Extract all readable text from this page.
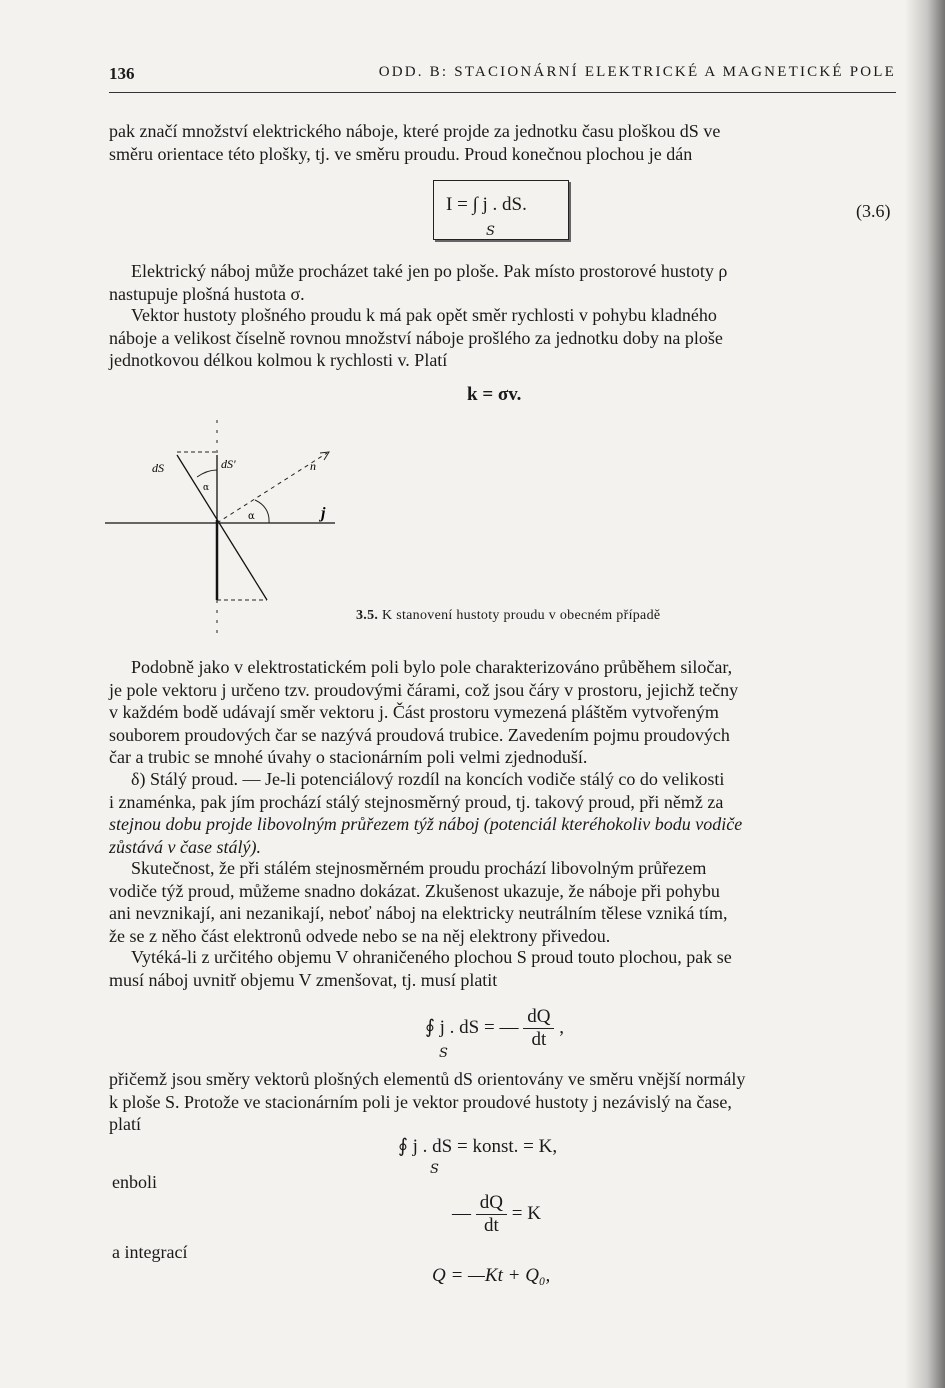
136	ODD. B: STACIONÁRNÍ ELEKTRICKÉ A MAGNETICKÉ POLE
pak značí množství elektrického náboje, které projde za jednotku času ploškou dS ve
směru orientace této plošky, tj. ve směru proudu. Proud konečnou plochou je dán
I = ∫ j . dS.
$_S$
(3.6)
Elektrický náboj může procházet také jen po ploše. Pak místo prostorové hustoty ρ
nastupuje plošná hustota σ.
Vektor hustoty plošného proudu k má pak opět směr rychlosti v pohybu kladného
náboje a velikost číselně rovnou množství náboje prošlého za jednotku doby na ploše
jednotkovou délkou kolmou k rychlosti v. Platí
k = σv.
dS	dS'
α
α
n
j
3.5. K stanovení hustoty proudu v obecném případě
Podobně jako v elektrostatickém poli bylo pole charakterizováno průběhem siločar,
je pole vektoru j určeno tzv. proudovými čárami, což jsou čáry v prostoru, jejichž tečny
v každém bodě udávají směr vektoru j. Část prostoru vymezená pláštěm vytvořeným
souborem proudových čar se nazývá proudová trubice. Zavedením pojmu proudových
čar a trubic se mnohé úvahy o stacionárním poli velmi zjednoduší.
δ) Stálý proud. — Je-li potenciálový rozdíl na koncích vodiče stálý co do velikosti
i znaménka, pak jím prochází stálý stejnosměrný proud, tj. takový proud, při němž za
stejnou dobu projde libovolným průřezem týž náboj (potenciál kteréhokoliv bodu vodiče
zůstává v čase stálý).
Skutečnost, že při stálém stejnosměrném proudu prochází libovolným průřezem
vodiče týž proud, můžeme snadno dokázat. Zkušenost ukazuje, že náboje při pohybu
ani nevznikají, ani nezanikají, neboť náboj na elektricky neutrálním tělese vzniká tím,
že se z něho část elektronů odvede nebo se na něj elektrony přivedou.
Vytéká-li z určitého objemu V ohraničeného plochou S proud touto plochou, pak se
musí náboj uvnitř objemu V zmenšovat, tj. musí platit
∮ j . dS = — $\frac{dQ}{dt}$ ,
$_S$
přičemž jsou směry vektorů plošných elementů dS orientovány ve směru vnější normály
k ploše S. Protože ve stacionárním poli je vektor proudové hustoty j nezávislý na čase,
platí
∮ j . dS = konst. = K,
$_S$
enboli
— $\frac{dQ}{dt} = K$
a integrací
Q = —Kt + Q₀,
